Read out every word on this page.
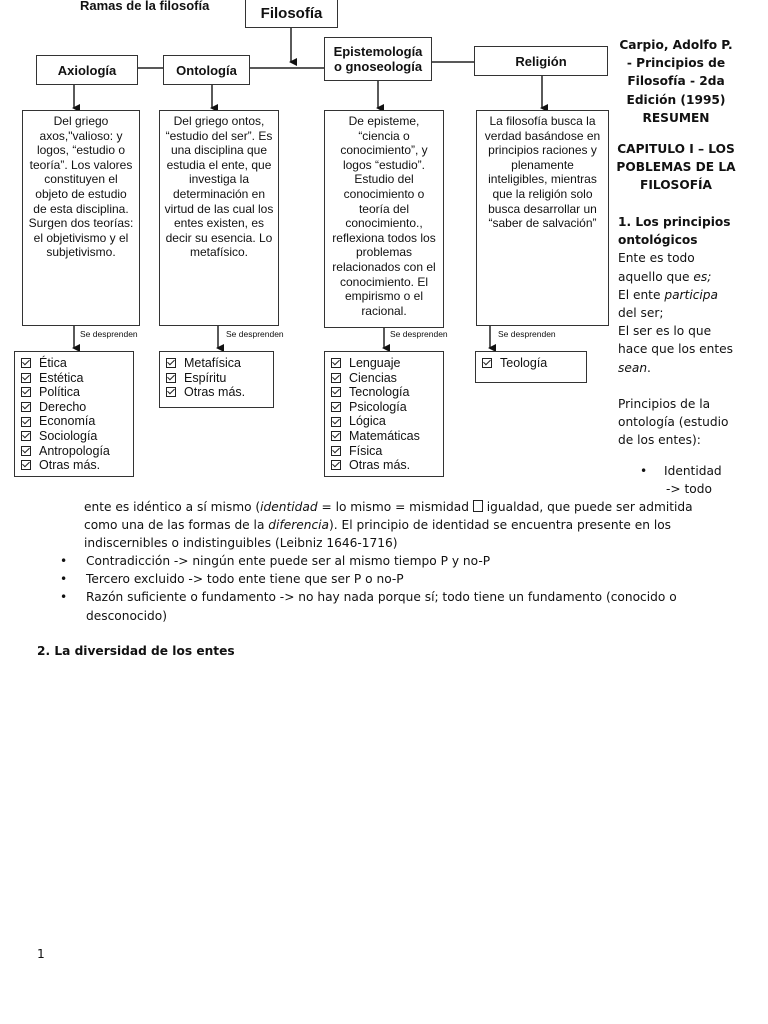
Ramas de la filosofía	Filosofía
Axiología	Ontología
Epistemología o gnoseología	Religión
Del griego axos,"valioso: y logos, “estudio o teoría”. Los valores constituyen el objeto de estudio de esta disciplina. Surgen dos teorías: el objetivismo y el subjetivismo.
Del griego ontos, “estudio del ser”. Es una disciplina que estudia el ente, que investiga la determinación en virtud de las cual los entes existen, es decir su esencia. Lo metafísico.
De episteme, “ciencia o conocimiento”, y logos “estudio”. Estudio del conocimiento o teoría del conocimiento., reflexiona todos los problemas relacionados con el conocimiento. El empirismo o el racional.
La filosofía busca la verdad basándose en principios raciones y plenamente inteligibles, mientras que la religión solo busca desarrollar un “saber de salvación”
Se desprenden	Se desprenden	Se desprenden	Se desprenden
Ética
Estética
Política
Derecho
Economía
Sociología
Antropología
Otras más.
Metafísica
Espíritu
Otras más.
Lenguaje
Ciencias
Tecnología
Psicología
Lógica
Matemáticas
Física
Otras más.
Teología
Carpio, Adolfo P.
- Principios de Filosofía - 2da Edición (1995)
RESUMEN
CAPITULO I – LOS POBLEMAS DE LA FILOSOFÍA
1. Los principios ontológicos
Ente es todo aquello que es;
El ente participa del ser;
El ser es lo que hace que los entes sean.
Principios de la ontología (estudio de los entes):
• Identidad
-> todo
ente es idéntico a sí mismo (identidad = lo mismo = mismidad  igualdad, que puede ser admitida como una de las formas de la diferencia). El principio de identidad se encuentra presente en los indiscernibles o indistinguibles (Leibniz 1646-1716)
• Contradicción -> ningún ente puede ser al mismo tiempo P y no-P
• Tercero excluido -> todo ente tiene que ser P o no-P
• Razón suficiente o fundamento -> no hay nada porque sí; todo tiene un fundamento (conocido o desconocido)
2. La diversidad de los entes
1
